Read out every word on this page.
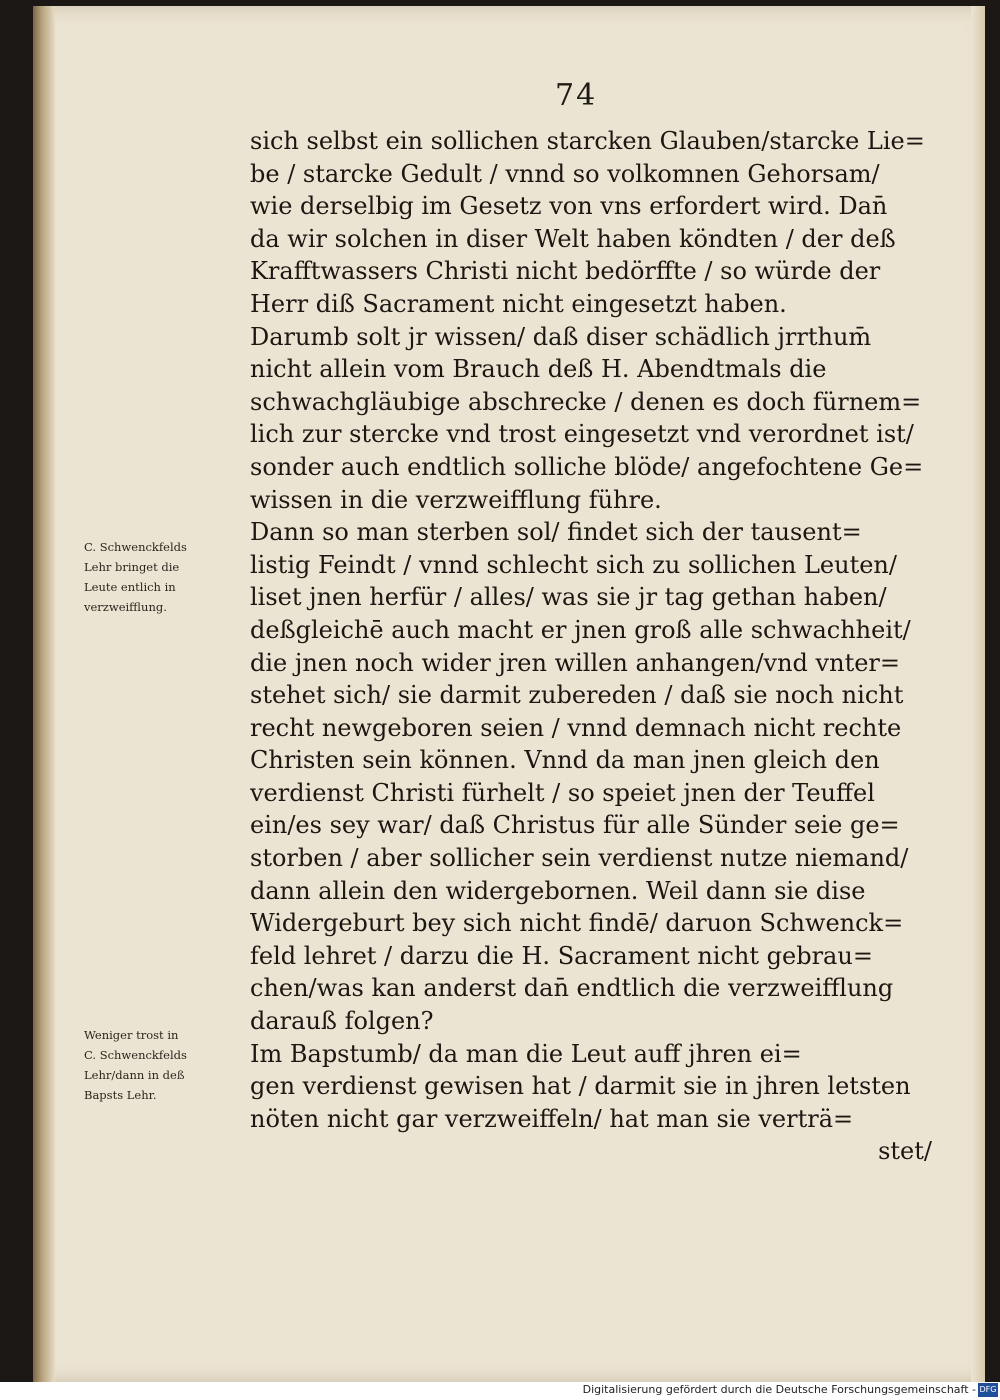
74
sich selbst ein sollichen starcken Glauben/starcke Lie=
be / starcke Gedult / vnnd so volkomnen Gehorsam/
wie derselbig im Gesetz von vns erfordert wird. Dan̄
da wir solchen in diser Welt haben köndten / der deß
Krafftwassers Christi nicht bedörffte / so würde der
Herr diß Sacrament nicht eingesetzt haben.
Darumb solt jr wissen/ daß diser schädlich jrrthum̄
nicht allein vom Brauch deß H. Abendtmals die
schwachgläubige abschrecke / denen es doch fürnem=
lich zur stercke vnd trost eingesetzt vnd verordnet ist/
sonder auch endtlich solliche blöde/ angefochtene Ge=
wissen in die verzweifflung führe.
Dann so man sterben sol/ findet sich der tausent=
listig Feindt / vnnd schlecht sich zu sollichen Leuten/
liset jnen herfür / alles/ was sie jr tag gethan haben/
deßgleichē auch macht er jnen groß alle schwachheit/
die jnen noch wider jren willen anhangen/vnd vnter=
stehet sich/ sie darmit zubereden / daß sie noch nicht
recht newgeboren seien / vnnd demnach nicht rechte
Christen sein können. Vnnd da man jnen gleich den
verdienst Christi fürhelt / so speiet jnen der Teuffel
ein/es sey war/ daß Christus für alle Sünder seie ge=
storben / aber sollicher sein verdienst nutze niemand/
dann allein den widergebornen. Weil dann sie dise
Widergeburt bey sich nicht findē/ daruon Schwenck=
feld lehret / darzu die H. Sacrament nicht gebrau=
chen/was kan anderst dan̄ endtlich die verzweifflung
darauß folgen?
Im Bapstumb/ da man die Leut auff jhren ei=
gen verdienst gewisen hat / darmit sie in jhren letsten
nöten nicht gar verzweiffeln/ hat man sie verträ=
stet/
C. Schwenckfelds
Lehr bringet die
Leute entlich in
verzweifflung.
Weniger trost in
C. Schwenckfelds
Lehr/dann in deß
Bapsts Lehr.
Digitalisierung gefördert durch die Deutsche Forschungsgemeinschaft - DFG
